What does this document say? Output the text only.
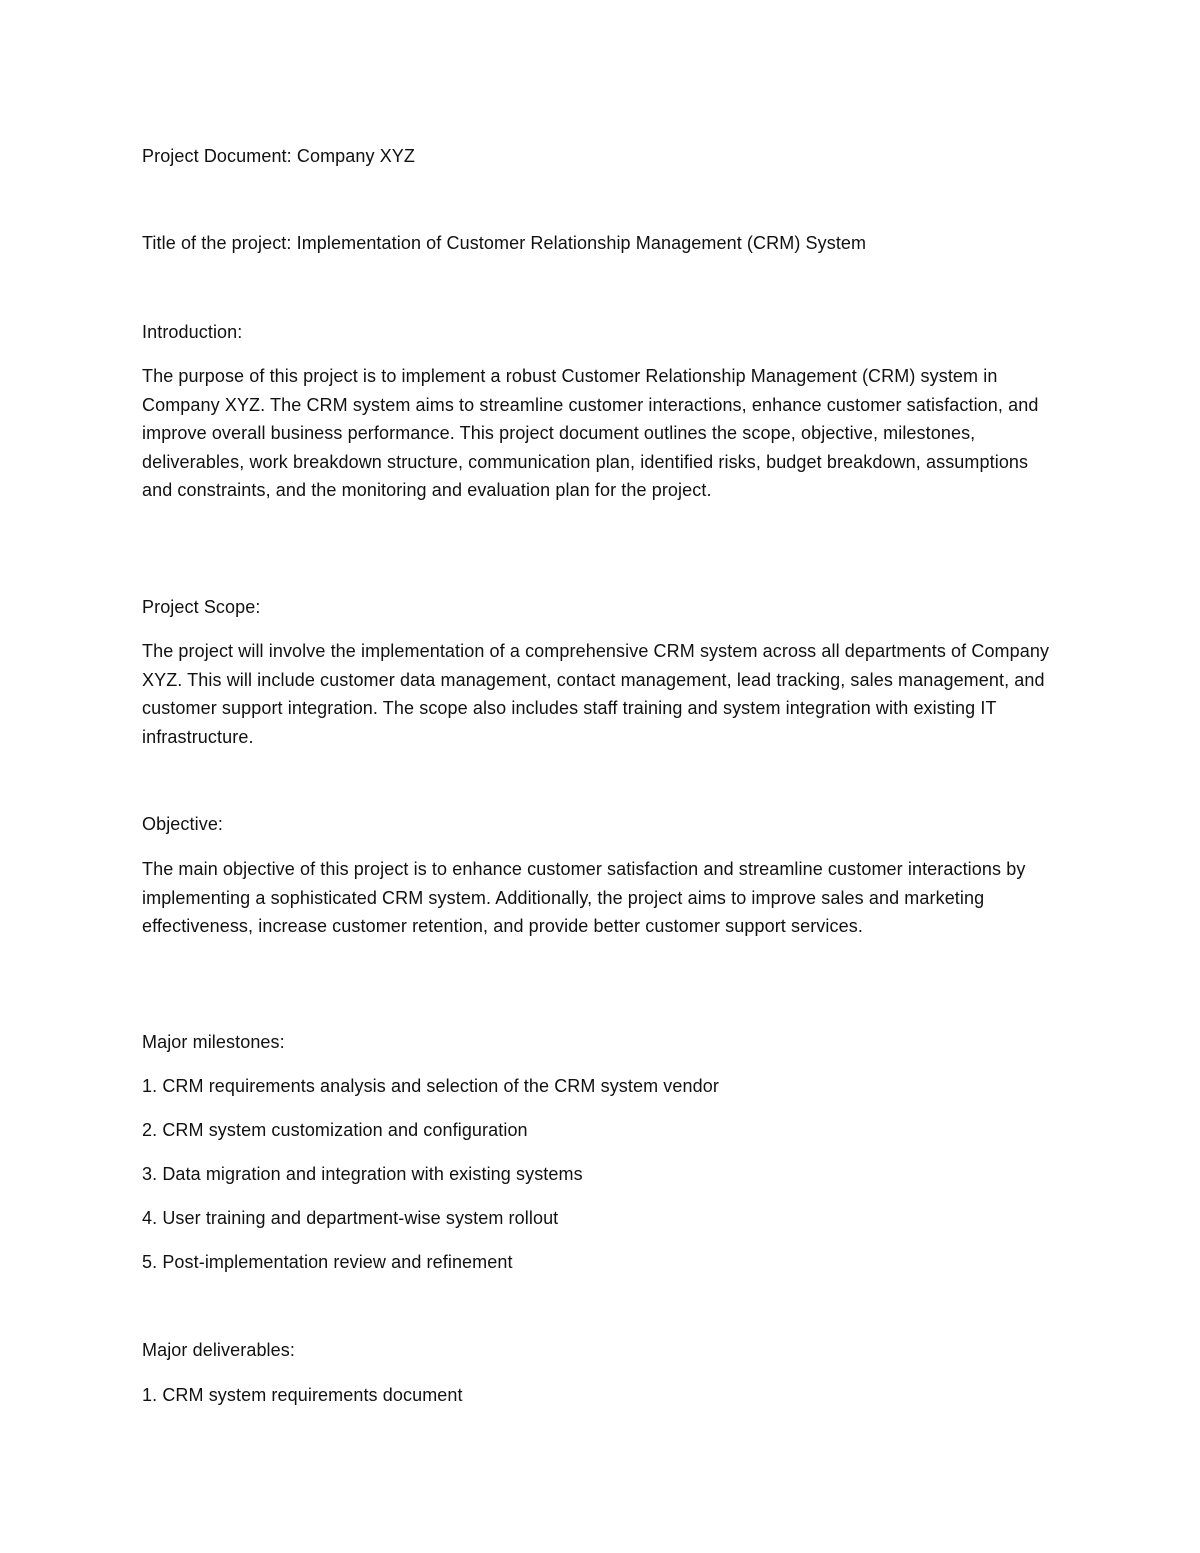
Project Document: Company XYZ
Title of the project: Implementation of Customer Relationship Management (CRM) System
Introduction:

The purpose of this project is to implement a robust Customer Relationship Management (CRM) system in Company XYZ. The CRM system aims to streamline customer interactions, enhance customer satisfaction, and improve overall business performance. This project document outlines the scope, objective, milestones, deliverables, work breakdown structure, communication plan, identified risks, budget breakdown, assumptions and constraints, and the monitoring and evaluation plan for the project.

Project Scope:

The project will involve the implementation of a comprehensive CRM system across all departments of Company XYZ. This will include customer data management, contact management, lead tracking, sales management, and customer support integration. The scope also includes staff training and system integration with existing IT infrastructure.

Objective:

The main objective of this project is to enhance customer satisfaction and streamline customer interactions by implementing a sophisticated CRM system. Additionally, the project aims to improve sales and marketing effectiveness, increase customer retention, and provide better customer support services.

Major milestones:
1. CRM requirements analysis and selection of the CRM system vendor
2. CRM system customization and configuration
3. Data migration and integration with existing systems
4. User training and department-wise system rollout
5. Post-implementation review and refinement
Major deliverables:
1. CRM system requirements document
